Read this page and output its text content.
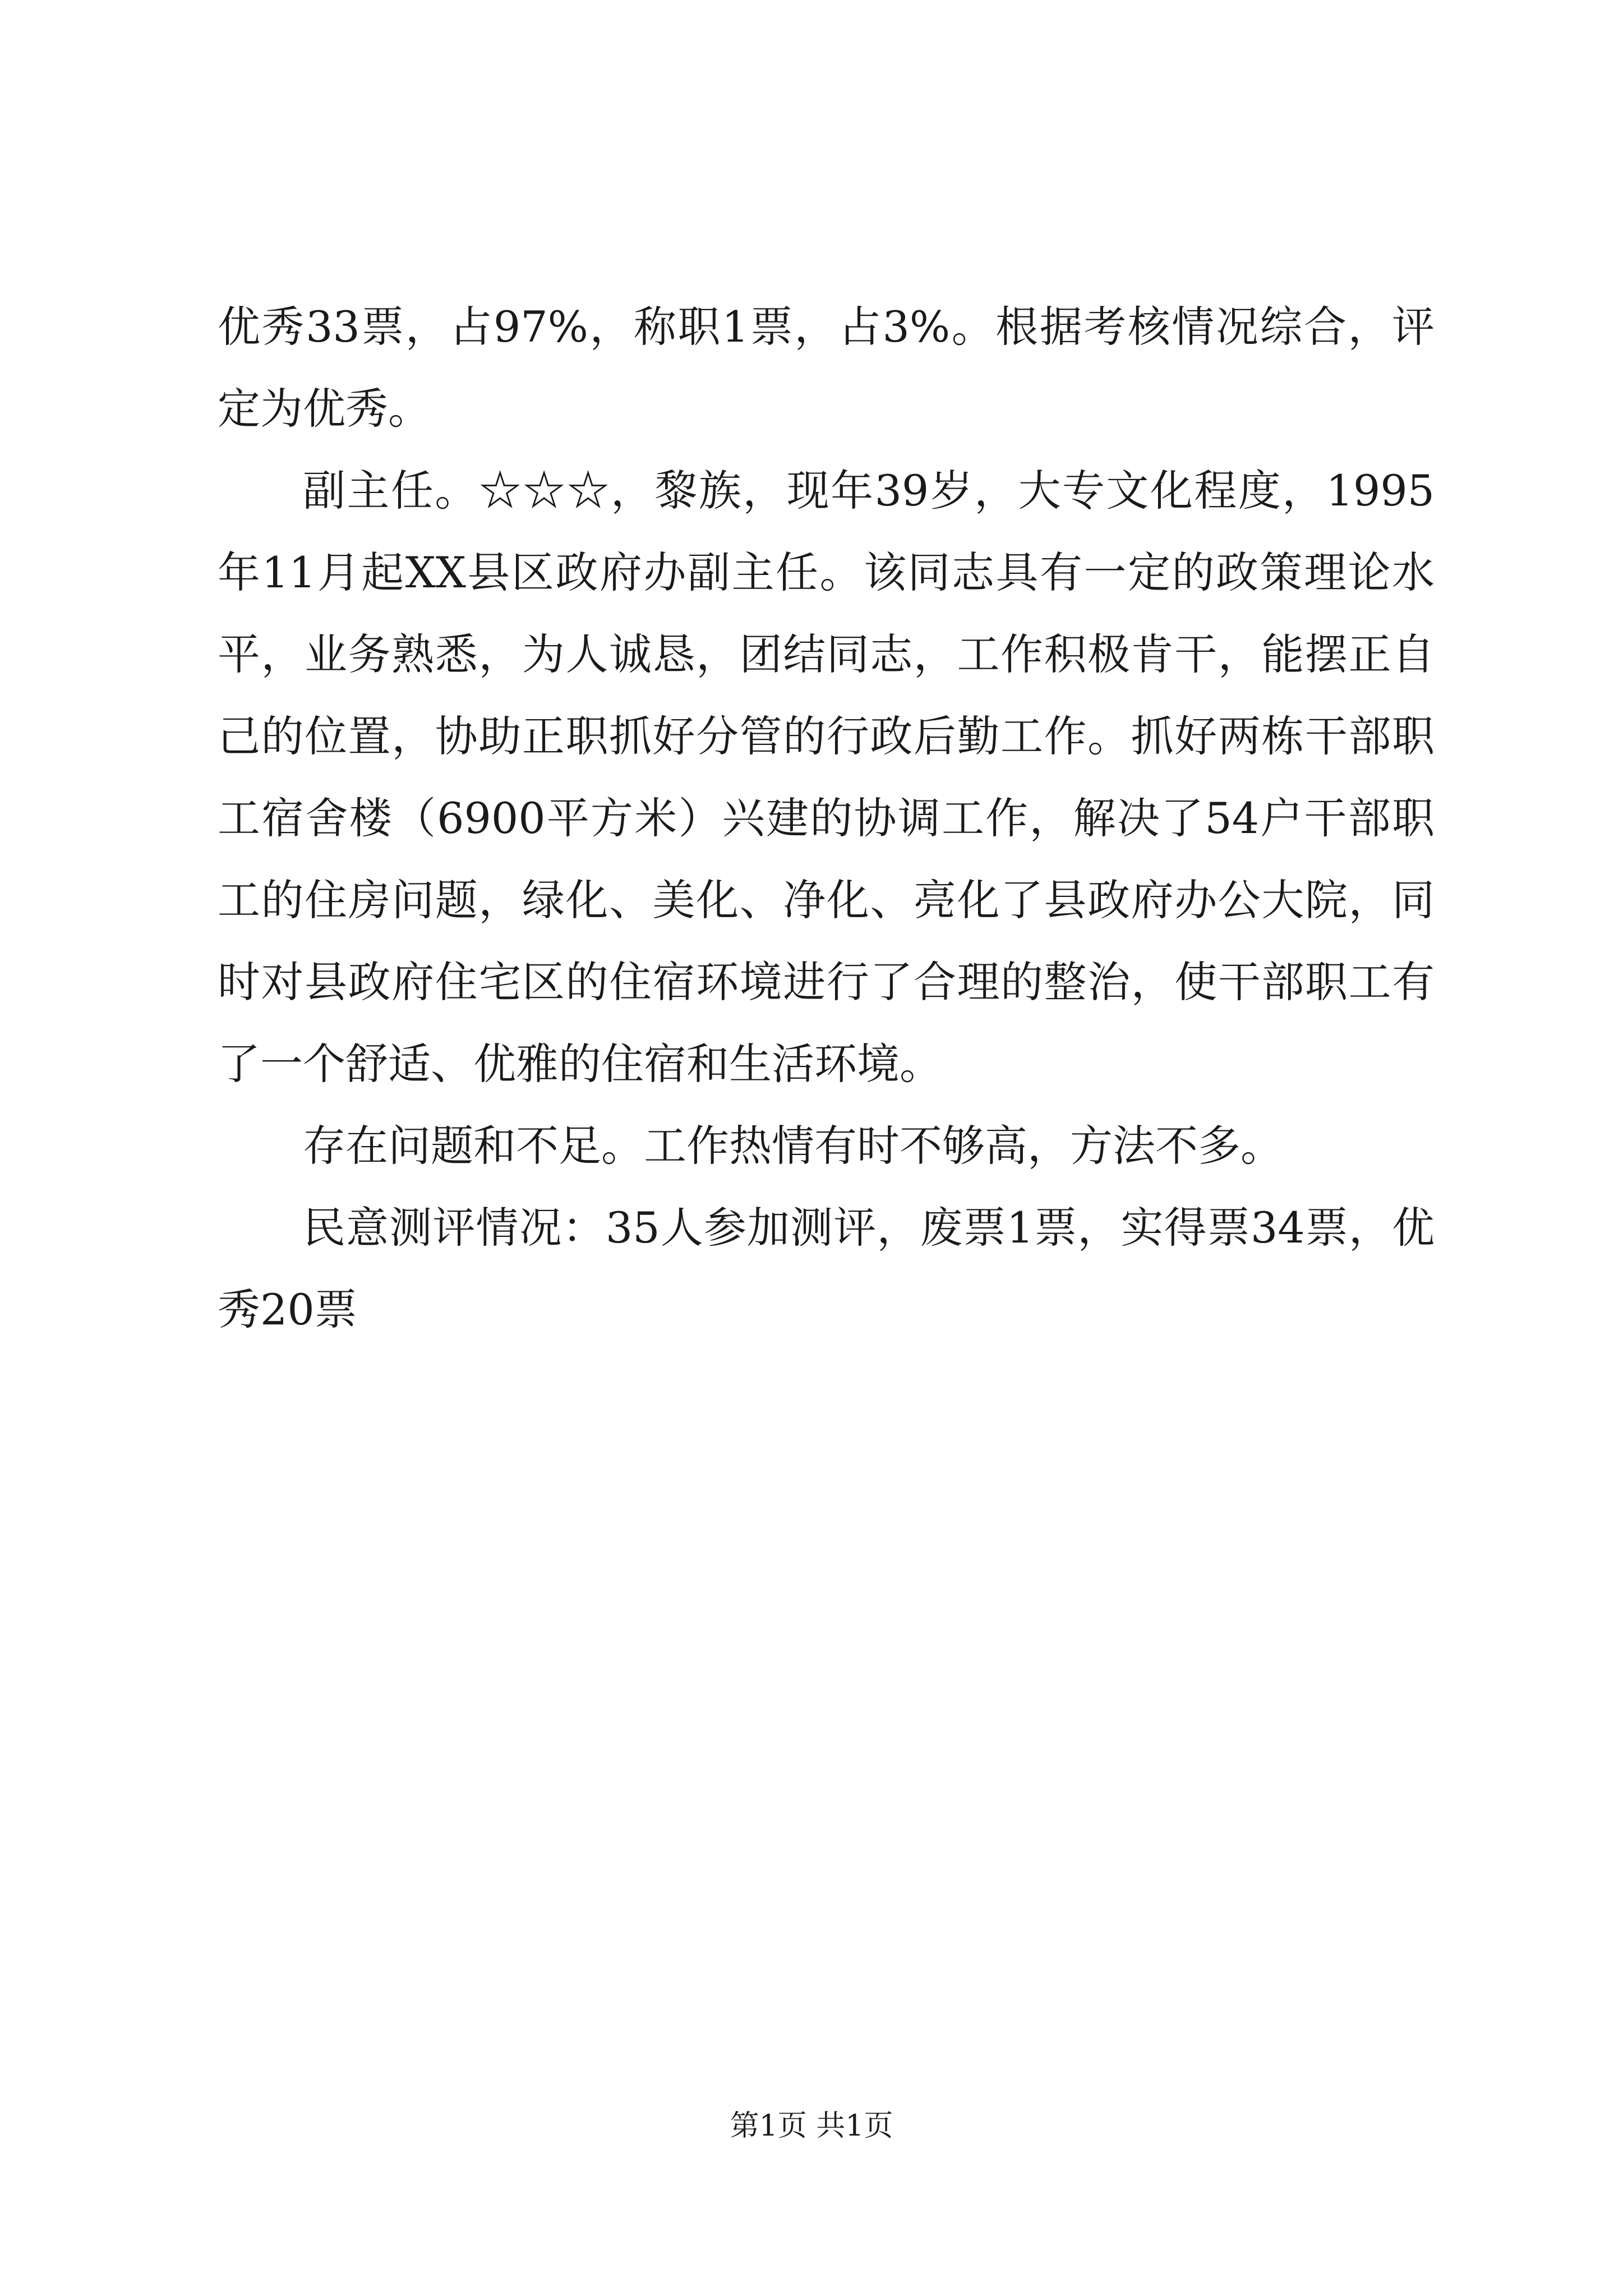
优秀33票，占97%，称职1票，占3%。根据考核情况综合，评定为优秀。

副主任。☆☆☆，黎族，现年39岁，大专文化程度，1995年11月起XX县区政府办副主任。该同志具有一定的政策理论水平，业务熟悉，为人诚恳，团结同志，工作积极肯干，能摆正自己的位置，协助正职抓好分管的行政后勤工作。抓好两栋干部职工宿舍楼（6900平方米）兴建的协调工作，解决了54户干部职工的住房问题，绿化、美化、净化、亮化了县政府办公大院，同时对县政府住宅区的住宿环境进行了合理的整治，使干部职工有了一个舒适、优雅的住宿和生活环境。

存在问题和不足。工作热情有时不够高，方法不多。

民意测评情况：35人参加测评，废票1票，实得票34票，优秀20票

第1页 共1页
